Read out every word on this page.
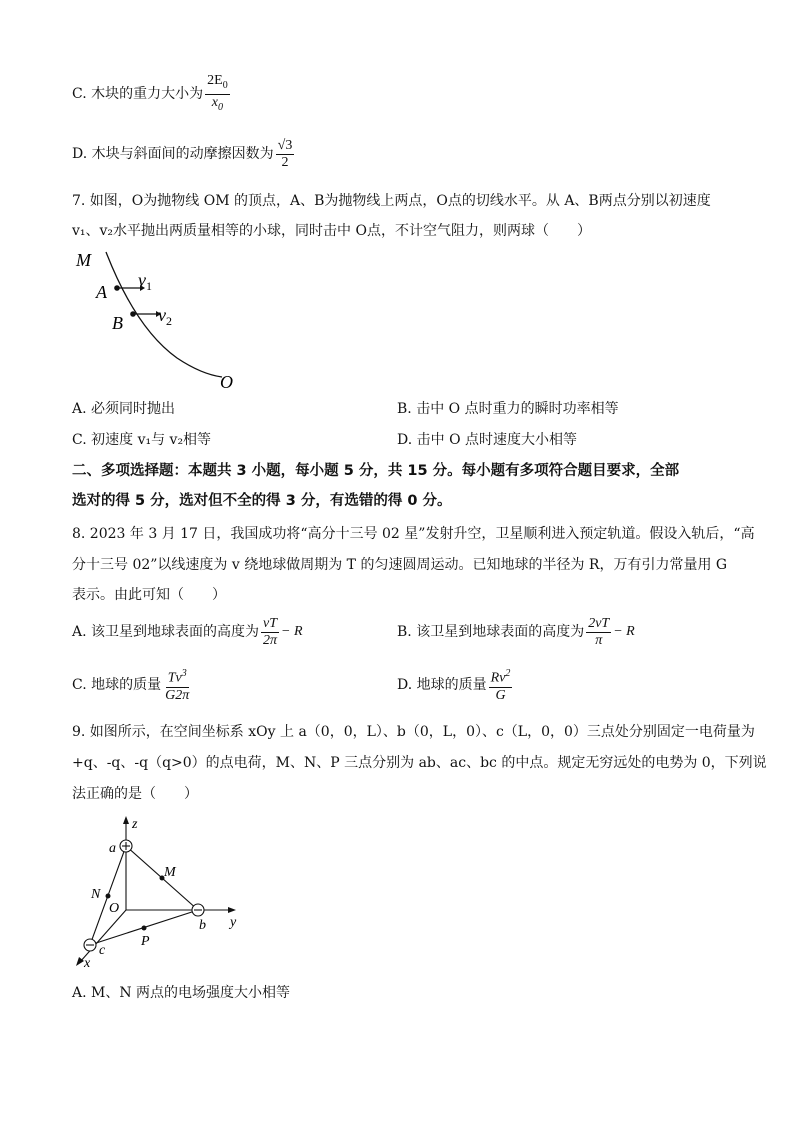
C. 木块的重力大小为 $\frac{2E_0}{x_0}$
D. 木块与斜面间的动摩擦因数为 $\frac{√3}{2}$
7. 如图，O为抛物线 OM 的顶点，A、B为抛物线上两点，O点的切线水平。从 A、B两点分别以初速度
v₁、v₂水平抛出两质量相等的小球，同时击中 O点，不计空气阻力，则两球（　　）
M
A
B
$v_1$
$v_2$
O
A. 必须同时抛出	B. 击中 O 点时重力的瞬时功率相等
C. 初速度 v₁与 v₂相等	D. 击中 O 点时速度大小相等
二、多项选择题：本题共 3 小题，每小题 5 分，共 15 分。每小题有多项符合题目要求，全部
选对的得 5 分，选对但不全的得 3 分，有选错的得 0 分。
8. 2023 年 3 月 17 日，我国成功将“高分十三号 02 星”发射升空，卫星顺利进入预定轨道。假设入轨后，“高
分十三号 02”以线速度为 v 绕地球做周期为 T 的匀速圆周运动。已知地球的半径为 R，万有引力常量用 G
表示。由此可知（　　）
A. 该卫星到地球表面的高度为 $\frac{vT}{2\pi} - R$	B. 该卫星到地球表面的高度为 $\frac{2vT}{\pi} - R$
C. 地球的质量 $\frac{Tv^3}{G2\pi}$	D. 地球的质量 $\frac{Rv^2}{G}$
9. 如图所示，在空间坐标系 xOy 上 a（0，0，L）、b（0，L，0）、c（L，0，0）三点处分别固定一电荷量为
+q、-q、-q（q>0）的点电荷，M、N、P 三点分别为 ab、ac、bc 的中点。规定无穷远处的电势为 0，下列说
法正确的是（　　）
z
y
x
a
b
c
O
M
N
P
A. M、N 两点的电场强度大小相等
